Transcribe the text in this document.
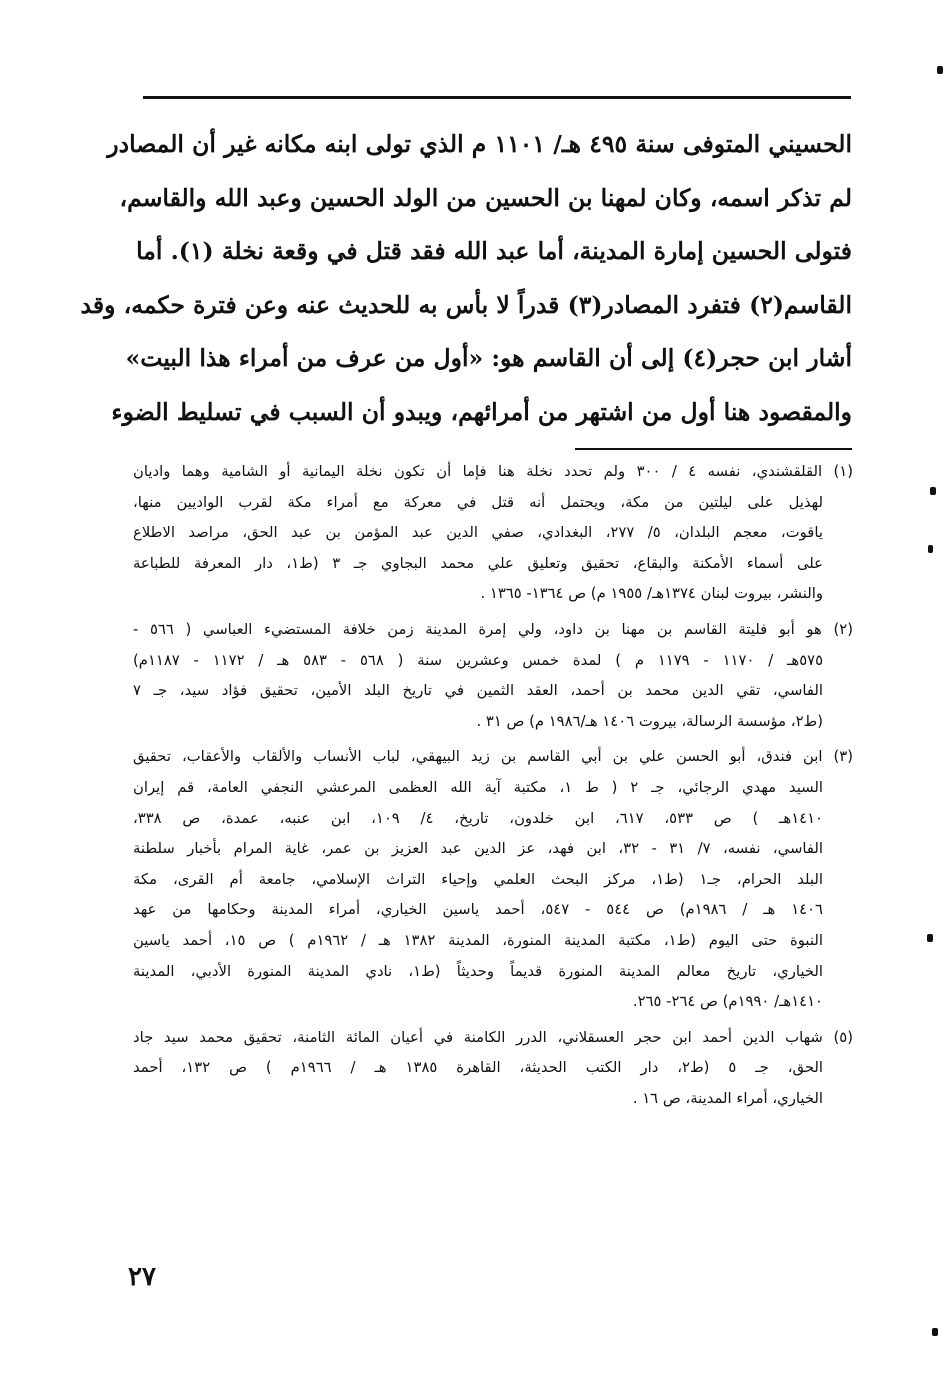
الحسيني المتوفى سنة ٤٩٥ هـ/ ١١٠١ م الذي تولى ابنه مكانه غير أن المصادر
لم تذكر اسمه، وكان لمهنا بن الحسين من الولد الحسين وعبد الله والقاسم،
فتولى الحسين إمارة المدينة، أما عبد الله فقد قتل في وقعة نخلة (١). أما
القاسم(٢) فتفرد المصادر(٣) قدراً لا بأس به للحديث عنه وعن فترة حكمه، وقد
أشار ابن حجر(٤) إلى أن القاسم هو: «أول من عرف من أمراء هذا البيت»
والمقصود هنا أول من اشتهر من أمرائهم، ويبدو أن السبب في تسليط الضوء
(١) القلقشندي، نفسه ٤ / ٣٠٠ ولم تحدد نخلة هنا فإما أن تكون نخلة اليمانية أو الشامية وهما واديان
لهذيل على ليلتين من مكة، ويحتمل أنه قتل في معركة مع أمراء مكة لقرب الواديين منها،
ياقوت، معجم البلدان، ٥/ ٢٧٧، البغدادي، صفي الدين عبد المؤمن بن عبد الحق، مراصد الاطلاع
على أسماء الأمكنة والبقاع، تحقيق وتعليق علي محمد البجاوي جـ ٣ (ط١، دار المعرفة للطباعة
والنشر، بيروت لبنان ١٣٧٤هـ/ ١٩٥٥ م) ص ١٣٦٤- ١٣٦٥ .
(٢) هو أبو فليتة القاسم بن مهنا بن داود، ولي إمرة المدينة زمن خلافة المستضيء العباسي ( ٥٦٦ -
٥٧٥هـ / ١١٧٠ - ١١٧٩ م ) لمدة خمس وعشرين سنة ( ٥٦٨ - ٥٨٣ هـ / ١١٧٢ - ١١٨٧م)
الفاسي، تقي الدين محمد بن أحمد، العقد الثمين في تاريخ البلد الأمين، تحقيق فؤاد سيد، جـ ٧
(ط٢، مؤسسة الرسالة، بيروت ١٤٠٦ هـ/١٩٨٦ م) ص ٣١ .
(٣) ابن فندق، أبو الحسن علي بن أبي القاسم بن زيد البيهقي، لباب الأنساب والألقاب والأعقاب، تحقيق
السيد مهدي الرجائي، جـ ٢ ( ط ١، مكتبة آية الله العظمى المرعشي النجفي العامة، قم إيران
١٤١٠هـ ) ص ٥٣٣، ٦١٧، ابن خلدون، تاريخ، ٤/ ١٠٩، ابن عنبه، عمدة، ص ٣٣٨،
الفاسي، نفسه، ٧/ ٣١ - ٣٢، ابن فهد، عز الدين عبد العزيز بن عمر، غاية المرام بأخبار سلطنة
البلد الحرام، جـ١ (ط١، مركز البحث العلمي وإحياء التراث الإسلامي، جامعة أم القرى، مكة
١٤٠٦ هـ / ١٩٨٦م) ص ٥٤٤ - ٥٤٧، أحمد ياسين الخياري، أمراء المدينة وحكامها من عهد
النبوة حتى اليوم (ط١، مكتبة المدينة المنورة، المدينة ١٣٨٢ هـ / ١٩٦٢م ) ص ١٥، أحمد ياسين
الخياري، تاريخ معالم المدينة المنورة قديماً وحديثاً (ط١، نادي المدينة المنورة الأدبي، المدينة
١٤١٠هـ/ ١٩٩٠م) ص ٢٦٤- ٢٦٥.
(٥) شهاب الدين أحمد ابن حجر العسقلاني، الدرر الكامنة في أعيان المائة الثامنة، تحقيق محمد سيد جاد
الحق، جـ ٥ (ط٢، دار الكتب الحديثة، القاهرة ١٣٨٥ هـ / ١٩٦٦م ) ص ١٣٢، أحمد
الخياري، أمراء المدينة، ص ١٦ .
٢٧
